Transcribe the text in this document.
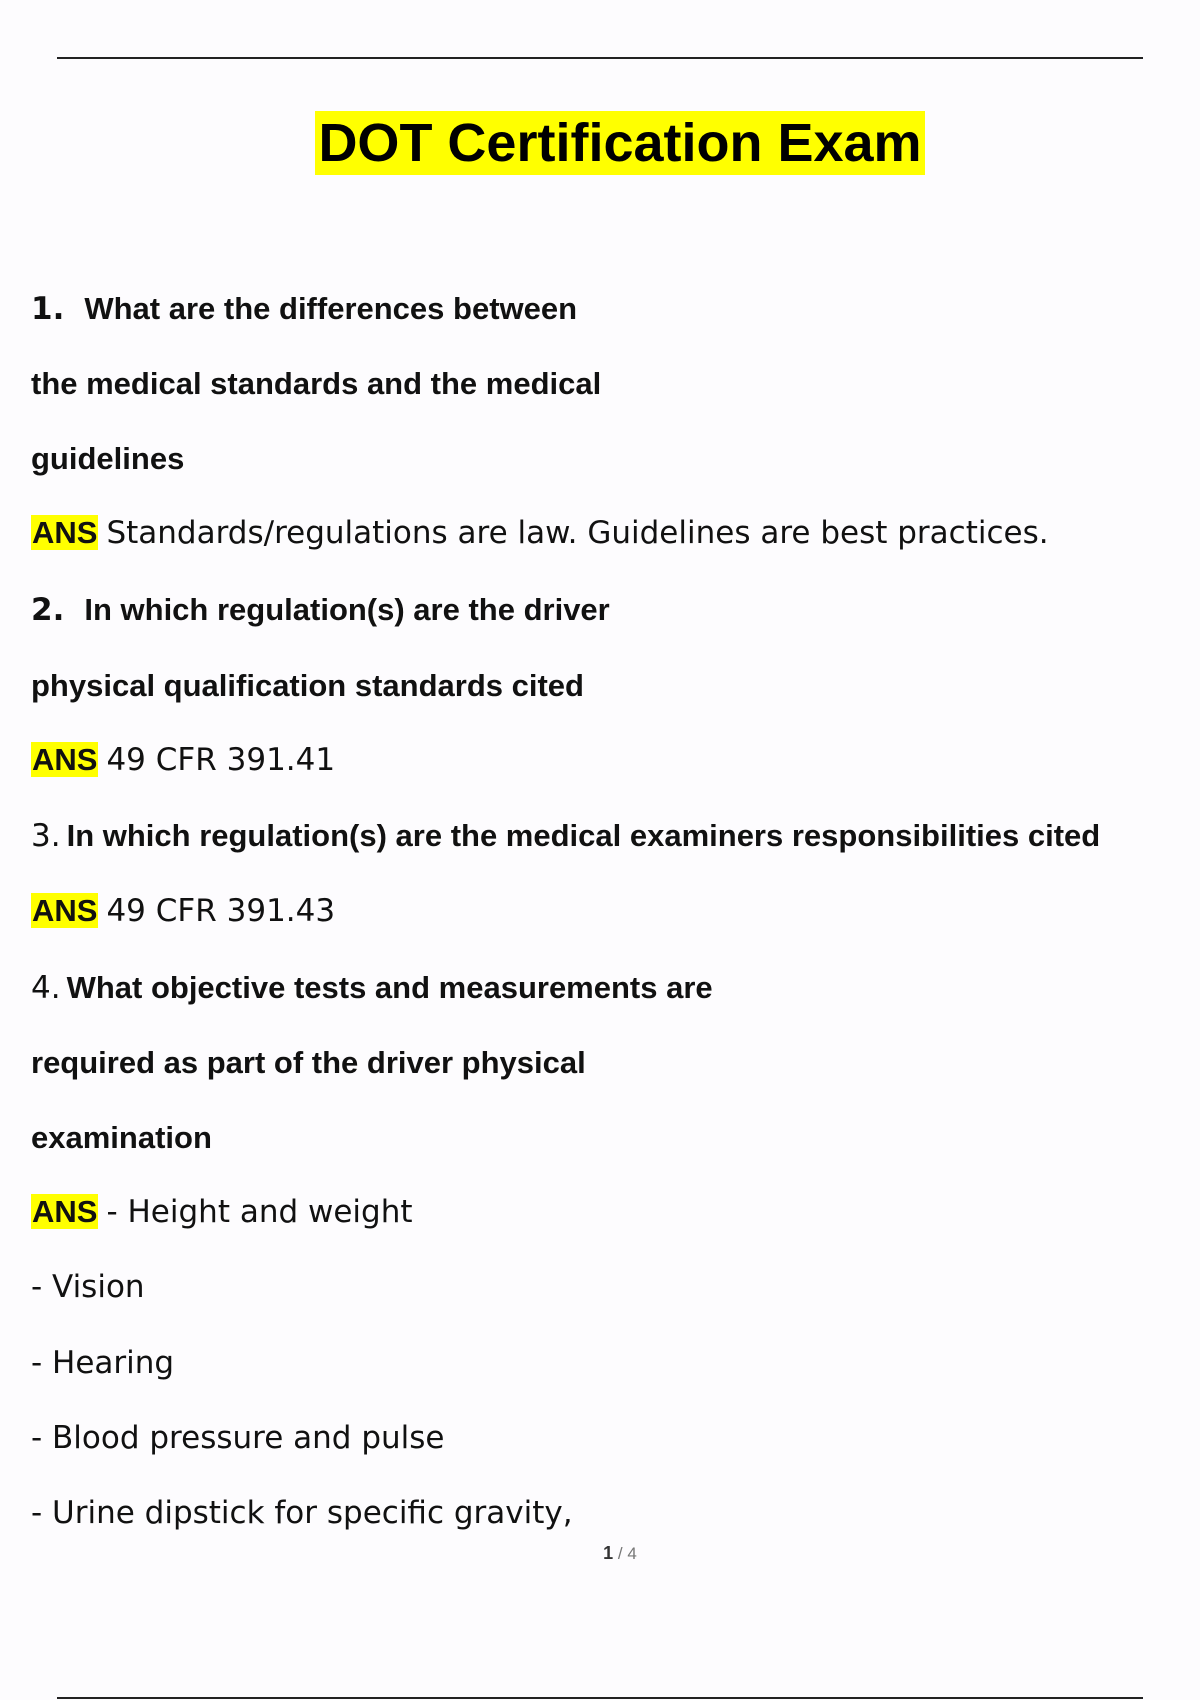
DOT Certification Exam
1. What are the differences between
the medical standards and the medical
guidelines
ANS Standards/regulations are law. Guidelines are best practices.
2. In which regulation(s) are the driver
physical qualification standards cited
ANS 49 CFR 391.41
3. In which regulation(s) are the medical examiners responsibilities cited
ANS 49 CFR 391.43
4. What objective tests and measurements are
required as part of the driver physical
examination
ANS - Height and weight
- Vision
- Hearing
- Blood pressure and pulse
- Urine dipstick for specific gravity,
1 / 4
